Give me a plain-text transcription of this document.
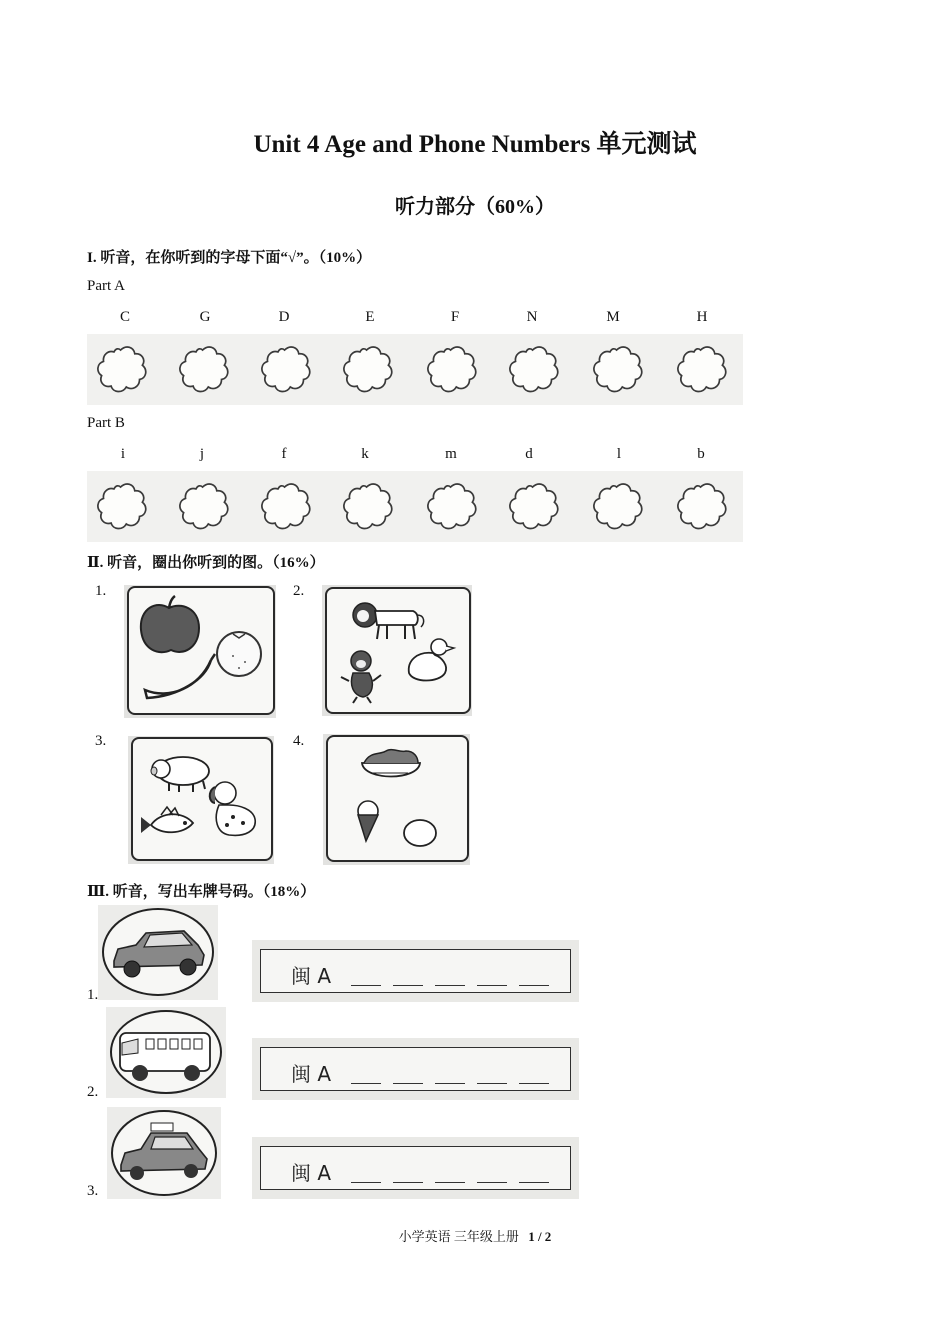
Unit 4 Age and Phone Numbers 单元测试
听力部分（60%）
I. 听音，在你听到的字母下面“√”。（10%）
Part A
C	G	D	E	F	N	M	H
Part B
i	j	f	k	m	d	l	b
Ⅱ. 听音，圈出你听到的图。（16%）
1.	2.
3.	4.
Ⅲ. 听音，写出车牌号码。（18%）
1.
闽 A
2.
闽 A
3.
闽 A
小学英语 三年级上册 1 / 2
